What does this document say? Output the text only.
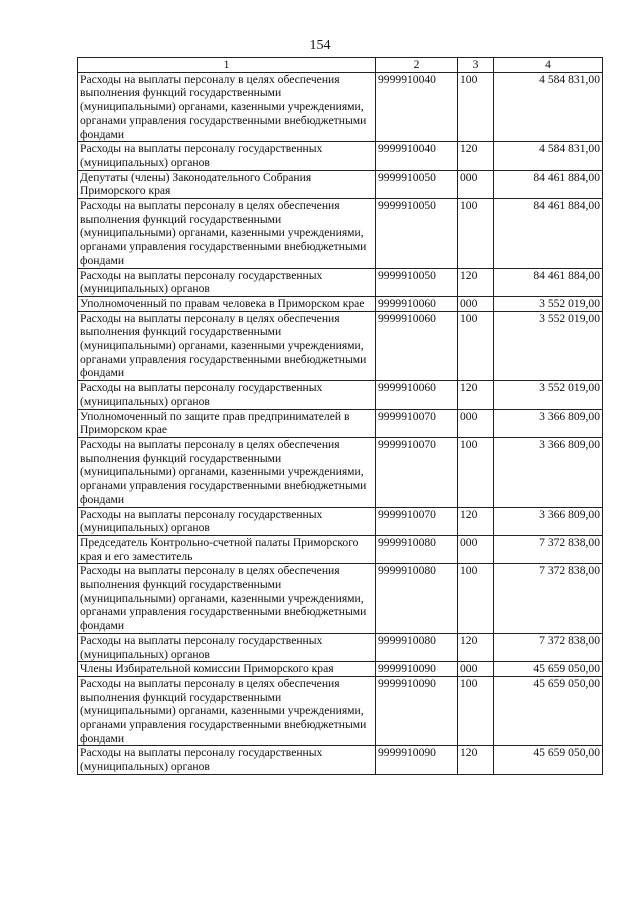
154
1	2	3	4
Расходы на выплаты персоналу в целях обеспечения выполнения функций государственными (муниципальными) органами, казенными учреждениями, органами управления государственными внебюджетными фондами	9999910040	100	4 584 831,00
Расходы на выплаты персоналу государственных (муниципальных) органов	9999910040	120	4 584 831,00
Депутаты (члены) Законодательного Собрания Приморского края	9999910050	000	84 461 884,00
Расходы на выплаты персоналу в целях обеспечения выполнения функций государственными (муниципальными) органами, казенными учреждениями, органами управления государственными внебюджетными фондами	9999910050	100	84 461 884,00
Расходы на выплаты персоналу государственных (муниципальных) органов	9999910050	120	84 461 884,00
Уполномоченный по правам человека в Приморском крае	9999910060	000	3 552 019,00
Расходы на выплаты персоналу в целях обеспечения выполнения функций государственными (муниципальными) органами, казенными учреждениями, органами управления государственными внебюджетными фондами	9999910060	100	3 552 019,00
Расходы на выплаты персоналу государственных (муниципальных) органов	9999910060	120	3 552 019,00
Уполномоченный по защите прав предпринимателей в Приморском крае	9999910070	000	3 366 809,00
Расходы на выплаты персоналу в целях обеспечения выполнения функций государственными (муниципальными) органами, казенными учреждениями, органами управления государственными внебюджетными фондами	9999910070	100	3 366 809,00
Расходы на выплаты персоналу государственных (муниципальных) органов	9999910070	120	3 366 809,00
Председатель Контрольно-счетной палаты Приморского края и его заместитель	9999910080	000	7 372 838,00
Расходы на выплаты персоналу в целях обеспечения выполнения функций государственными (муниципальными) органами, казенными учреждениями, органами управления государственными внебюджетными фондами	9999910080	100	7 372 838,00
Расходы на выплаты персоналу государственных (муниципальных) органов	9999910080	120	7 372 838,00
Члены Избирательной комиссии Приморского края	9999910090	000	45 659 050,00
Расходы на выплаты персоналу в целях обеспечения выполнения функций государственными (муниципальными) органами, казенными учреждениями, органами управления государственными внебюджетными фондами	9999910090	100	45 659 050,00
Расходы на выплаты персоналу государственных (муниципальных) органов	9999910090	120	45 659 050,00
